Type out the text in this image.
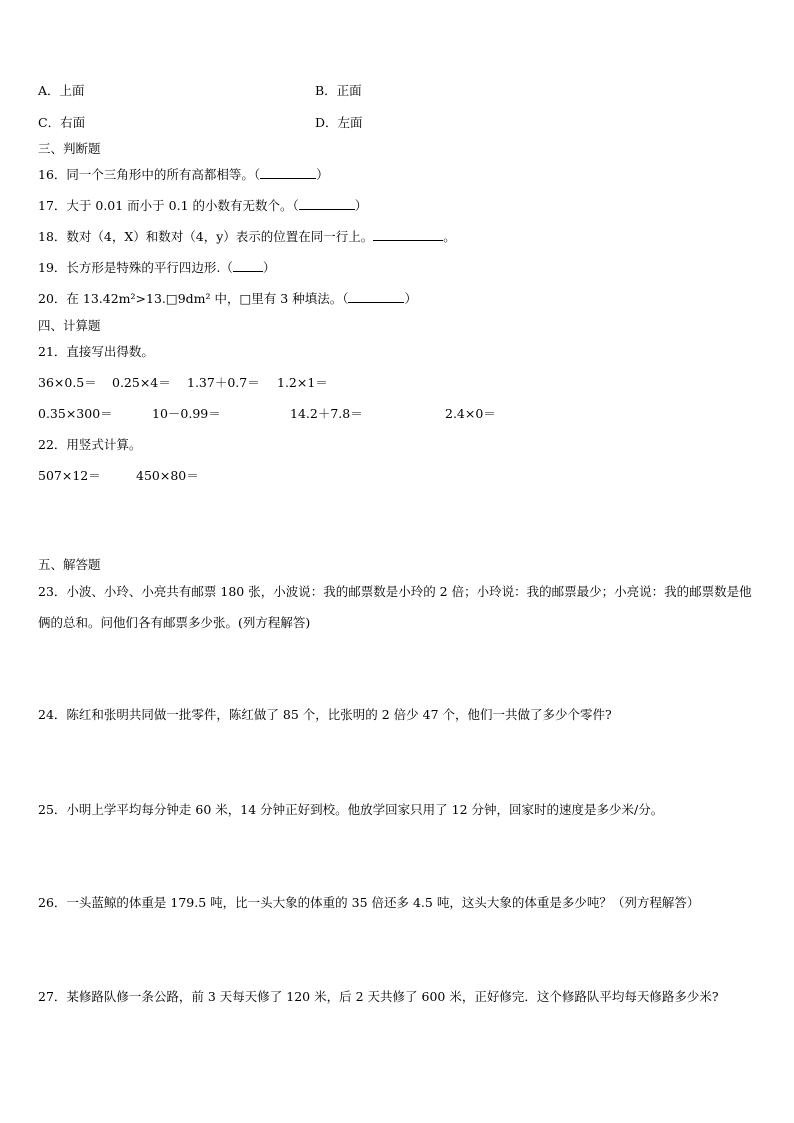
A．上面	B．正面
C．右面	D．左面
三、判断题
16．同一个三角形中的所有高都相等。（	）
17．大于 0.01 而小于 0.1 的小数有无数个。（	）
18．数对（4，X）和数对（4，y）表示的位置在同一行上。	。
19．长方形是特殊的平行四边形.（ ）
20．在 13.42m²>13.□9dm² 中，□里有 3 种填法。（	）
四、计算题
21．直接写出得数。
36×0.5＝ 0.25×4＝ 1.37＋0.7＝ 1.2×1＝
0.35×300＝	10－0.99＝	14.2＋7.8＝	2.4×0＝
22．用竖式计算。
507×12＝	450×80＝
五、解答题
23．小波、小玲、小亮共有邮票 180 张，小波说：我的邮票数是小玲的 2 倍；小玲说：我的邮票最少；小亮说：我的邮票数是他俩的总和。问他们各有邮票多少张。(列方程解答)
24．陈红和张明共同做一批零件，陈红做了 85 个，比张明的 2 倍少 47 个，他们一共做了多少个零件?
25．小明上学平均每分钟走 60 米，14 分钟正好到校。他放学回家只用了 12 分钟，回家时的速度是多少米/分。
26．一头蓝鲸的体重是 179.5 吨，比一头大象的体重的 35 倍还多 4.5 吨，这头大象的体重是多少吨？（列方程解答）
27．某修路队修一条公路，前 3 天每天修了 120 米，后 2 天共修了 600 米，正好修完．这个修路队平均每天修路多少米?
